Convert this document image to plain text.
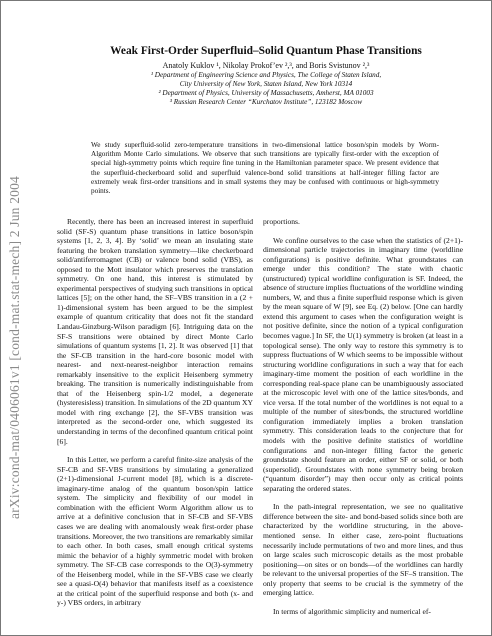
arXiv:cond-mat/0406061v1 [cond-mat.stat-mech] 2 Jun 2004
Weak First-Order Superfluid–Solid Quantum Phase Transitions
Anatoly Kuklov ¹, Nikolay Prokof’ev ²,³, and Boris Svistunov ²,³
¹ Department of Engineering Science and Physics, The College of Staten Island,
City University of New York, Staten Island, New York 10314
² Department of Physics, University of Massachusetts, Amherst, MA 01003
³ Russian Research Center “Kurchatov Institute”, 123182 Moscow
We study superfluid-solid zero-temperature transitions in two-dimensional lattice boson/spin models by Worm-Algorithm Monte Carlo simulations. We observe that such transitions are typically first-order with the exception of special high-symmetry points which require fine tuning in the Hamiltonian parameter space. We present evidence that the superfluid-checkerboard solid and superfluid valence-bond solid transitions at half-integer filling factor are extremely weak first-order transitions and in small systems they may be confused with continuous or high-symmetry points.

Recently, there has been an increased interest in superfluid solid (SF-S) quantum phase transitions in lattice boson/spin systems [1, 2, 3, 4]. By ‘solid’ we mean an insulating state featuring the broken translation symmetry—like checkerboard solid/antiferromagnet (CB) or valence bond solid (VBS), as opposed to the Mott insulator which preserves the translation symmetry. On one hand, this interest is stimulated by experimental perspectives of studying such transitions in optical lattices [5]; on the other hand, the SF–VBS transition in a (2 + 1)-dimensional system has been argued to be the simplest example of quantum criticality that does not fit the standard Landau-Ginzburg-Wilson paradigm [6]. Intriguing data on the SF-S transitions were obtained by direct Monte Carlo simulations of quantum systems [1, 2]. It was observed [1] that the SF-CB transition in the hard-core bosonic model with nearest- and next-nearest-neighbor interaction remains remarkably insensitive to the explicit Heisenberg symmetry breaking. The transition is numerically indistinguishable from that of the Heisenberg spin-1/2 model, a degenerate (hysteresisless) transition. In simulations of the 2D quantum XY model with ring exchange [2], the SF-VBS transition was interpreted as the second-order one, which suggested its understanding in terms of the deconfined quantum critical point [6].

In this Letter, we perform a careful finite-size analysis of the SF-CB and SF-VBS transitions by simulating a generalized (2+1)-dimensional J-current model [8], which is a discrete-imaginary-time analog of the quantum boson/spin lattice system. The simplicity and flexibility of our model in combination with the efficient Worm Algorithm allow us to arrive at a definitive conclusion that in SF-CB and SF-VBS cases we are dealing with anomalously weak first-order phase transitions. Moreover, the two transitions are remarkably similar to each other. In both cases, small enough critical systems mimic the behavior of a highly symmetric model with broken symmetry. The SF-CB case corresponds to the O(3)-symmetry of the Heisenberg model, while in the SF-VBS case we clearly see a quasi-O(4) behavior that manifests itself as a coexistence at the critical point of the superfluid response and both (x- and y-) VBS orders, in arbitrary

proportions.

We confine ourselves to the case when the statistics of (2+1)-dimensional particle trajectories in imaginary time (worldline configurations) is positive definite. What groundstates can emerge under this condition? The state with chaotic (unstructured) typical worldline configuration is SF. Indeed, the absence of structure implies fluctuations of the worldline winding numbers, W, and thus a finite superfluid response which is given by the mean square of W [9], see Eq. (2) below. [One can hardly extend this argument to cases when the configuration weight is not positive definite, since the notion of a typical configuration becomes vague.] In SF, the U(1) symmetry is broken (at least in a topological sense). The only way to restore this symmetry is to suppress fluctuations of W which seems to be impossible without structuring worldline configurations in such a way that for each imaginary-time moment the position of each worldline in the corresponding real-space plane can be unambiguously associated at the microscopic level with one of the lattice sites/bonds, and vice versa. If the total number of the worldlines is not equal to a multiple of the number of sites/bonds, the structured worldline configuration immediately implies a broken translation symmetry. This consideration leads to the conjecture that for models with the positive definite statistics of worldline configurations and non-integer filling factor the generic groundstate should feature an order, either SF or solid, or both (supersolid). Groundstates with none symmetry being broken (“quantum disorder”) may then occur only as critical points separating the ordered states.

In the path-integral representation, we see no qualitative difference between the site- and bond-based solids since both are characterized by the worldline structuring, in the above-mentioned sense. In either case, zero-point fluctuations necessarily include permutations of two and more lines, and thus on large scales such microscopic details as the most probable positioning—on sites or on bonds—of the worldlines can hardly be relevant to the universal properties of the SF–S transition. The only property that seems to be crucial is the symmetry of the emerging lattice.

In terms of algorithmic simplicity and numerical ef-
